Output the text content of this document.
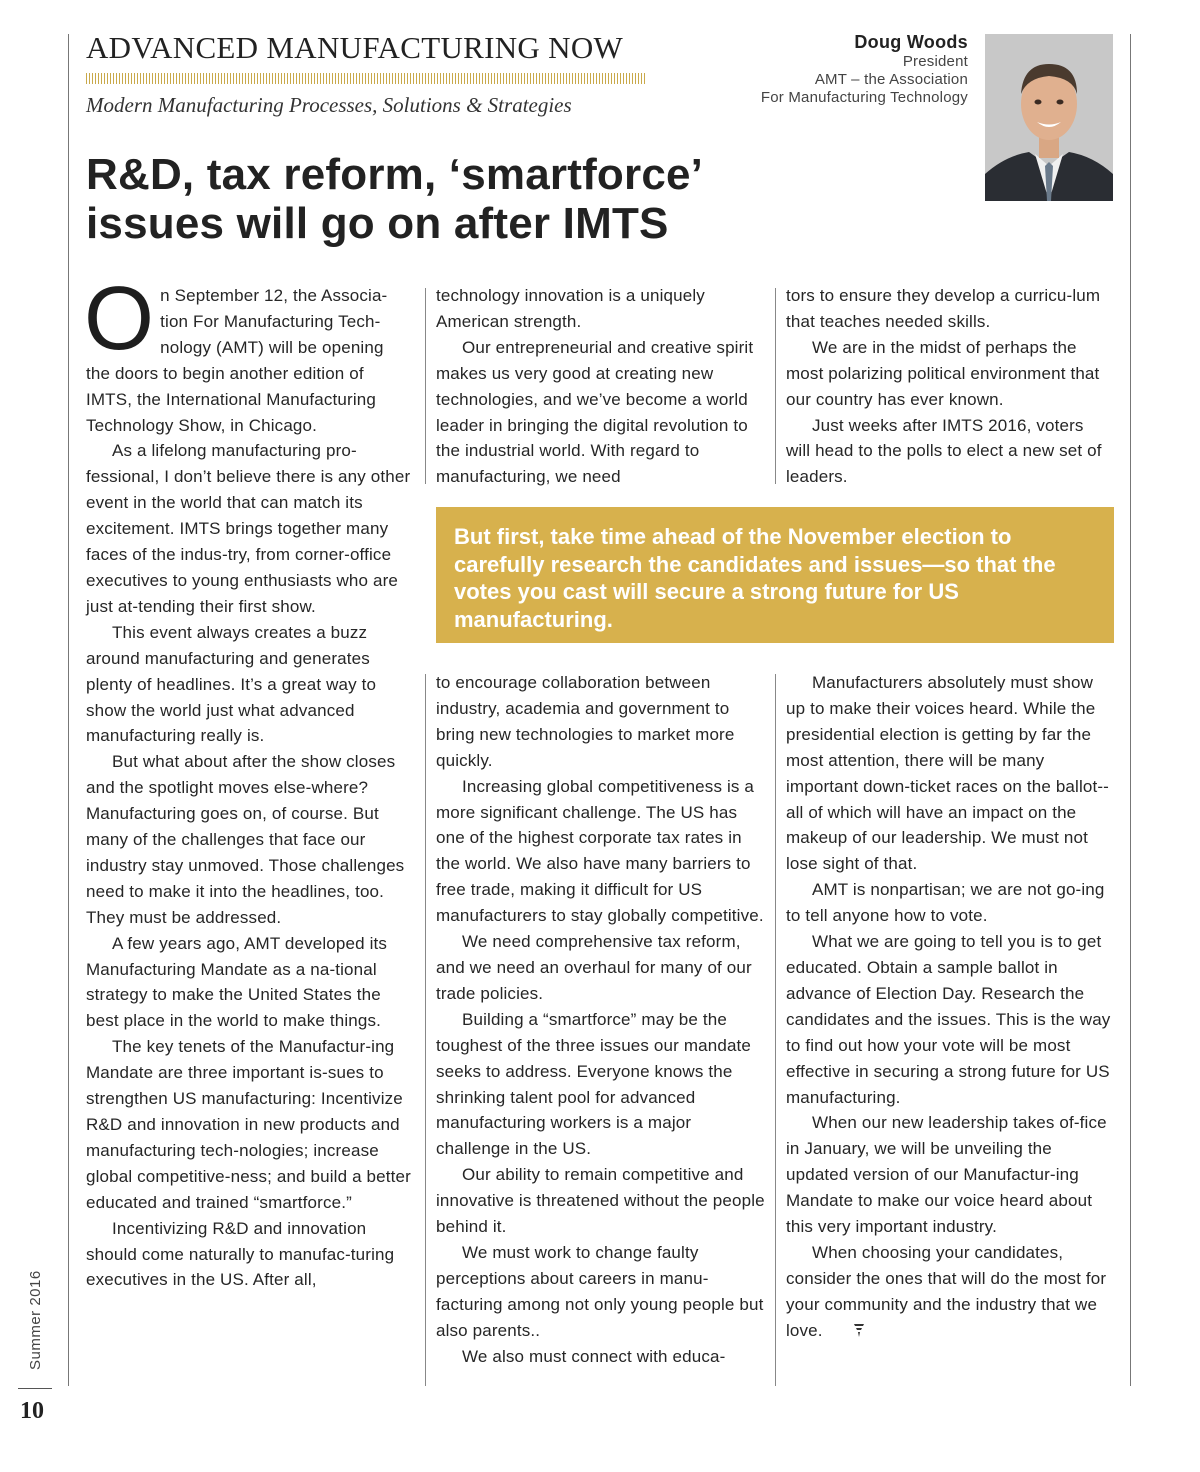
ADVANCED MANUFACTURING NOW
Modern Manufacturing Processes, Solutions & Strategies
Doug Woods
President
AMT – the Association
For Manufacturing Technology
R&D, tax reform, ‘smartforce’ issues will go on after IMTS

On September 12, the Associa-tion For Manufacturing Tech-nology (AMT) will be opening the doors to begin another edition of IMTS, the International Manufacturing Technology Show, in Chicago.

As a lifelong manufacturing pro-fessional, I don’t believe there is any other event in the world that can match its excitement. IMTS brings together many faces of the indus-try, from corner-office executives to young enthusiasts who are just at-tending their first show.

This event always creates a buzz around manufacturing and generates plenty of headlines. It’s a great way to show the world just what advanced manufacturing really is.

But what about after the show closes and the spotlight moves else-where? Manufacturing goes on, of course. But many of the challenges that face our industry stay unmoved. Those challenges need to make it into the headlines, too. They must be addressed.

A few years ago, AMT developed its Manufacturing Mandate as a na-tional strategy to make the United States the best place in the world to make things.

The key tenets of the Manufactur-ing Mandate are three important is-sues to strengthen US manufacturing: Incentivize R&D and innovation in new products and manufacturing tech-nologies; increase global competitive-ness; and build a better educated and trained “smartforce.”

Incentivizing R&D and innovation should come naturally to manufac-turing executives in the US. After all,

technology innovation is a uniquely American strength.

Our entrepreneurial and creative spirit makes us very good at creating new technologies, and we’ve become a world leader in bringing the digital revolution to the industrial world. With regard to manufacturing, we need

tors to ensure they develop a curricu-lum that teaches needed skills.

We are in the midst of perhaps the most polarizing political environment that our country has ever known.

Just weeks after IMTS 2016, voters will head to the polls to elect a new set of leaders.

But first, take time ahead of the November election to carefully research the candidates and issues—so that the votes you cast will secure a strong future for US manufacturing.

to encourage collaboration between industry, academia and government to bring new technologies to market more quickly.

Increasing global competitiveness is a more significant challenge. The US has one of the highest corporate tax rates in the world. We also have many barriers to free trade, making it difficult for US manufacturers to stay globally competitive.

We need comprehensive tax reform, and we need an overhaul for many of our trade policies.

Building a “smartforce” may be the toughest of the three issues our mandate seeks to address. Everyone knows the shrinking talent pool for advanced manufacturing workers is a major challenge in the US.

Our ability to remain competitive and innovative is threatened without the people behind it.

We must work to change faulty perceptions about careers in manu-facturing among not only young people but also parents..

We also must connect with educa-

Manufacturers absolutely must show up to make their voices heard. While the presidential election is getting by far the most attention, there will be many important down-ticket races on the ballot--all of which will have an impact on the makeup of our leadership. We must not lose sight of that.

AMT is nonpartisan; we are not go-ing to tell anyone how to vote.

What we are going to tell you is to get educated. Obtain a sample ballot in advance of Election Day. Research the candidates and the issues. This is the way to find out how your vote will be most effective in securing a strong future for US manufacturing.

When our new leadership takes of-fice in January, we will be unveiling the updated version of our Manufactur-ing Mandate to make our voice heard about this very important industry.

When choosing your candidates, consider the ones that will do the most for your community and the industry that we love.

Summer 2016
10
